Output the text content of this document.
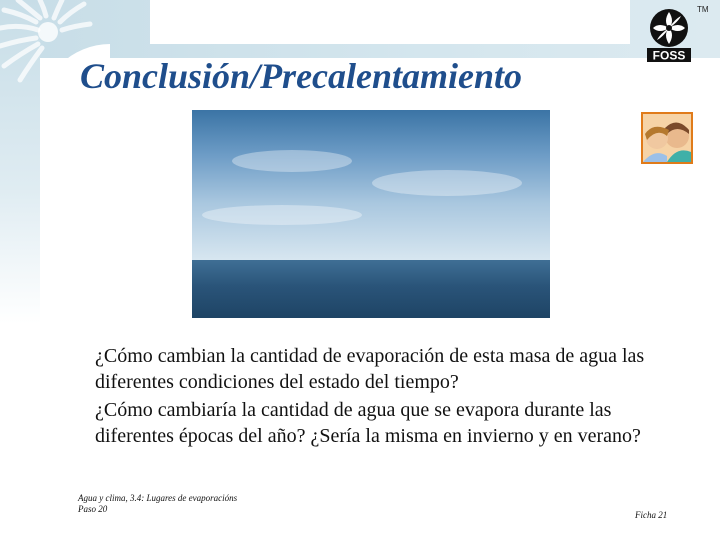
Conclusión/Precalentamiento
FOSS
TM

¿Cómo cambian la cantidad de evaporación de esta masa de agua las diferentes condiciones del estado del tiempo?

¿Cómo cambiaría la cantidad de agua que se evapora durante las diferentes épocas del año? ¿Sería la misma en invierno y en verano?

Agua y clima, 3.4: Lugares de evaporacións
Paso 20
Ficha 21
